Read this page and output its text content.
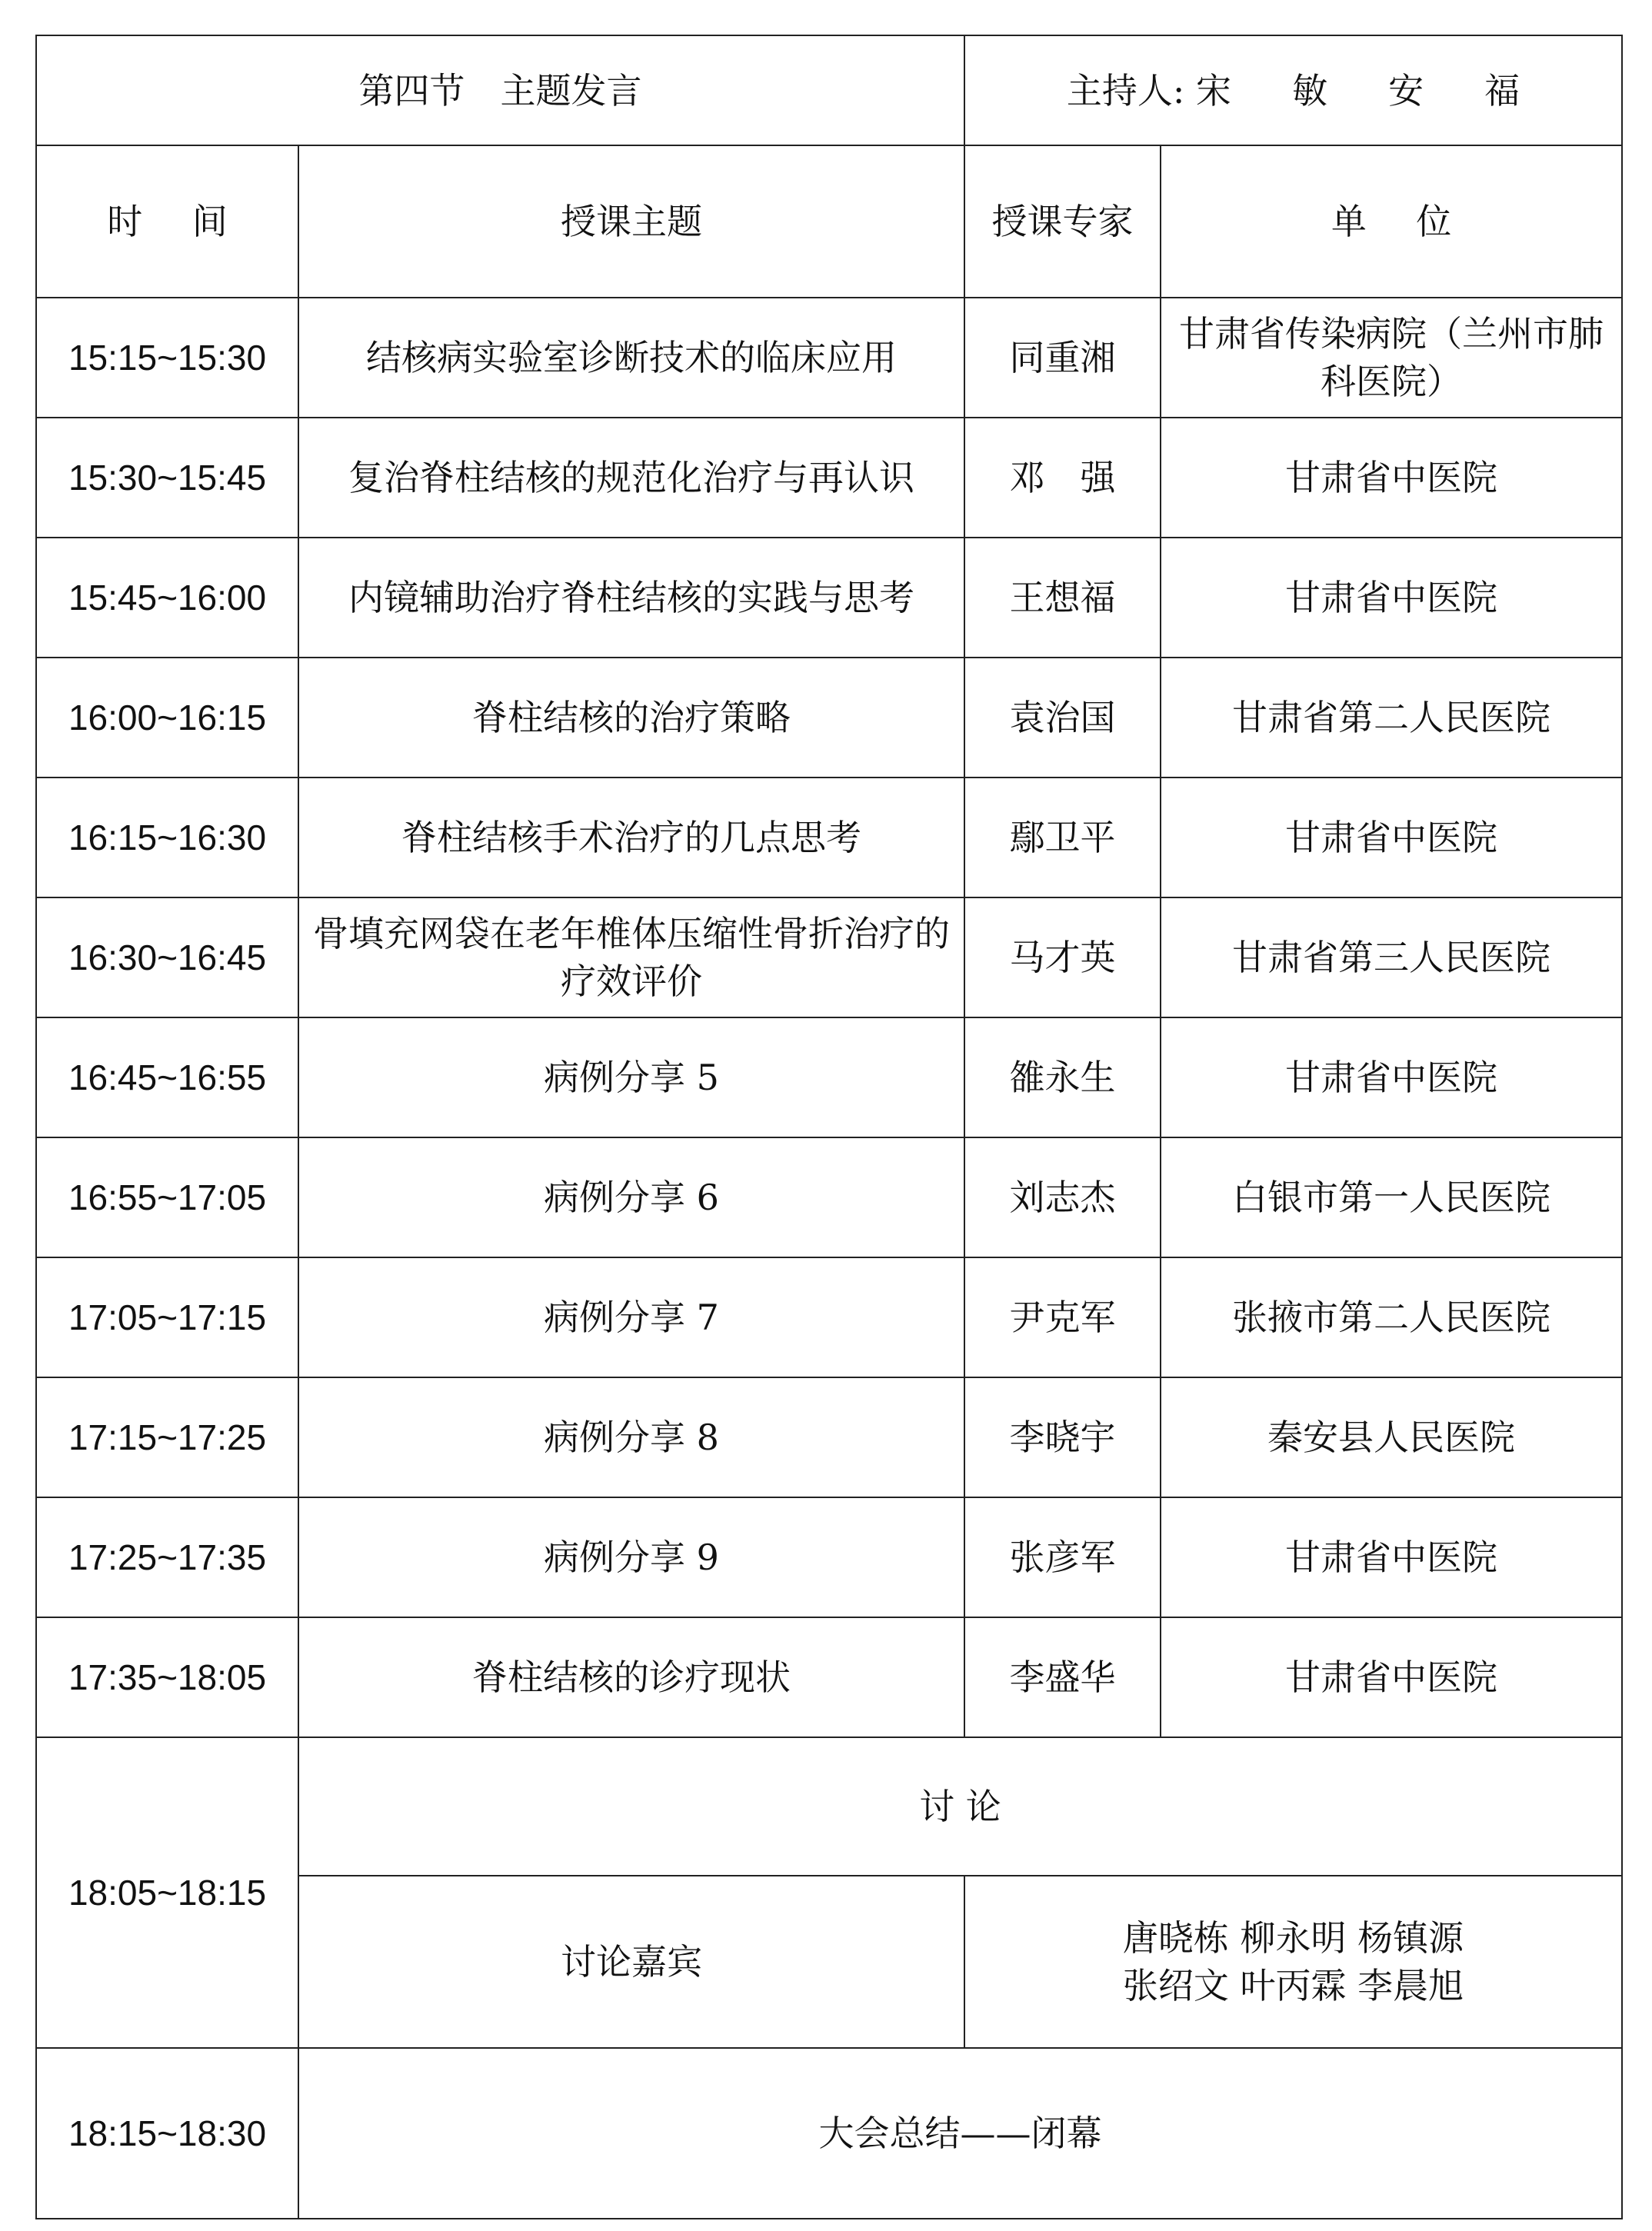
第四节　主题发言		主持人: 宋 敏 安 福	
时 间	授课主题	授课专家	单 位
15:15~15:30	结核病实验室诊断技术的临床应用	同重湘	甘肃省传染病院（兰州市肺科医院）
15:30~15:45	复治脊柱结核的规范化治疗与再认识	邓　强	甘肃省中医院
15:45~16:00	内镜辅助治疗脊柱结核的实践与思考	王想福	甘肃省中医院
16:00~16:15	脊柱结核的治疗策略	袁治国	甘肃省第二人民医院
16:15~16:30	脊柱结核手术治疗的几点思考	鄢卫平	甘肃省中医院
16:30~16:45	骨填充网袋在老年椎体压缩性骨折治疗的疗效评价	马才英	甘肃省第三人民医院
16:45~16:55	病例分享 5	雒永生	甘肃省中医院
16:55~17:05	病例分享 6	刘志杰	白银市第一人民医院
17:05~17:15	病例分享 7	尹克军	张掖市第二人民医院
17:15~17:25	病例分享 8	李晓宇	秦安县人民医院
17:25~17:35	病例分享 9	张彦军	甘肃省中医院
17:35~18:05	脊柱结核的诊疗现状	李盛华	甘肃省中医院
18:05~18:15	讨 论		
	讨论嘉宾	唐晓栋 柳永明 杨镇源
张绍文 叶丙霖 李晨旭	

18:15~18:30	大会总结——闭幕		
